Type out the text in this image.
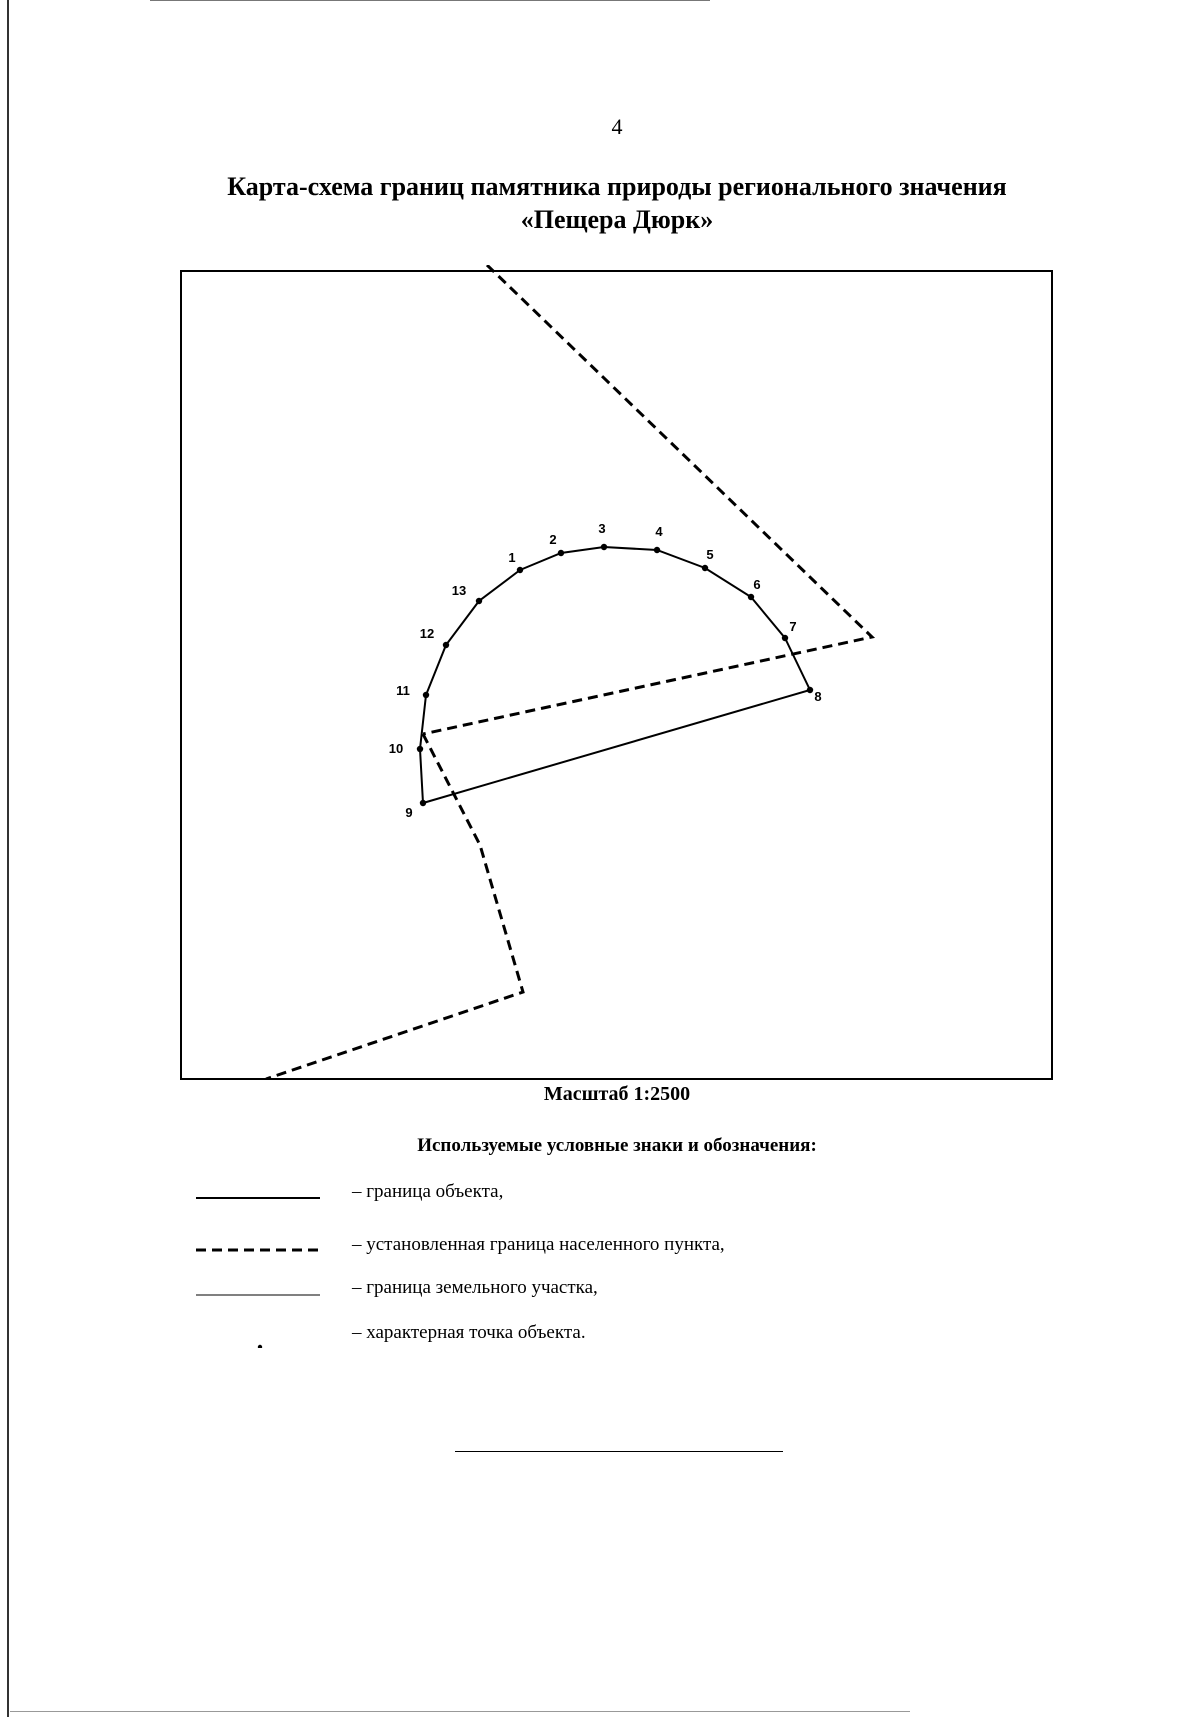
4
Карта-схема границ памятника природы регионального значения
«Пещера Дюрк»
1
2
3	4
5
6
7
8
9
10
11
12
13
Масштаб 1:2500
Используемые условные знаки и обозначения:
– граница объекта,
– установленная граница населенного пункта,
– граница земельного участка,
– характерная точка объекта.
